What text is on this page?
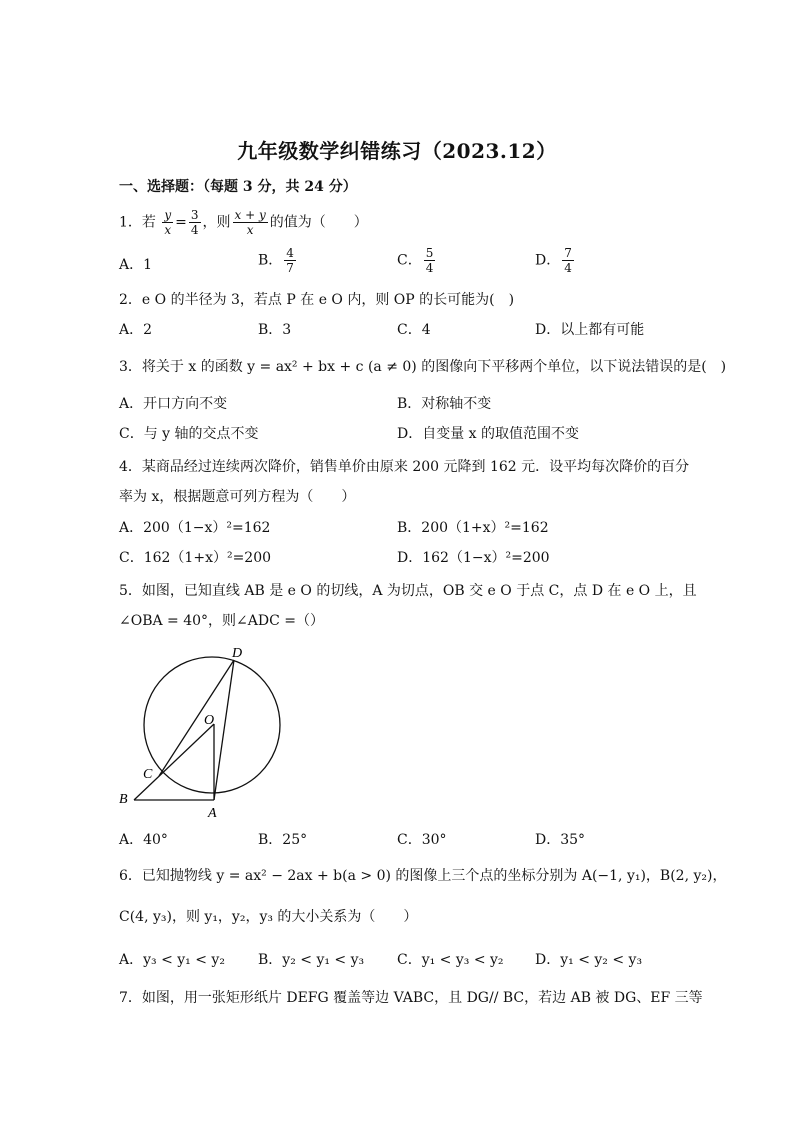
九年级数学纠错练习（2023.12）
一、选择题：（每题 3 分，共 24 分）
1．若 $\frac{y}{x} = \frac{3}{4}$ ，则 $\frac{x + y}{x}$ 的值为（　　）
A．1	B． $\frac{4}{7}$	C． $\frac{5}{4}$	D． $\frac{7}{4}$
2．e O 的半径为 3，若点 P 在 e O 内，则 OP 的长可能为(　)
A．2	B．3	C．4	D．以上都有可能
3．将关于 x 的函数 y = ax² + bx + c (a ≠ 0) 的图像向下平移两个单位，以下说法错误的是(　)
A．开口方向不变	B．对称轴不变
C．与 y 轴的交点不变	D．自变量 x 的取值范围不变
4．某商品经过连续两次降价，销售单价由原来 200 元降到 162 元．设平均每次降价的百分
率为 x，根据题意可列方程为（　　）
A．200（1−x）²=162	B．200（1+x）²=162
C．162（1+x）²=200	D．162（1−x）²=200
5．如图，已知直线 AB 是 e O 的切线，A 为切点，OB 交 e O 于点 C，点 D 在 e O 上，且
∠OBA = 40°，则∠ADC =（）
D
O
C
B
A
A．40°	B．25°	C．30°	D．35°
6．已知抛物线 y = ax² − 2ax + b(a > 0) 的图像上三个点的坐标分别为 A(−1, y₁)，B(2, y₂)，
C(4, y₃)，则 y₁，y₂，y₃ 的大小关系为（　　）
A．y₃ < y₁ < y₂ B．y₂ < y₁ < y₃ C．y₁ < y₃ < y₂ D．y₁ < y₂ < y₃
7．如图，用一张矩形纸片 DEFG 覆盖等边 VABC，且 DG// BC，若边 AB 被 DG、EF 三等
